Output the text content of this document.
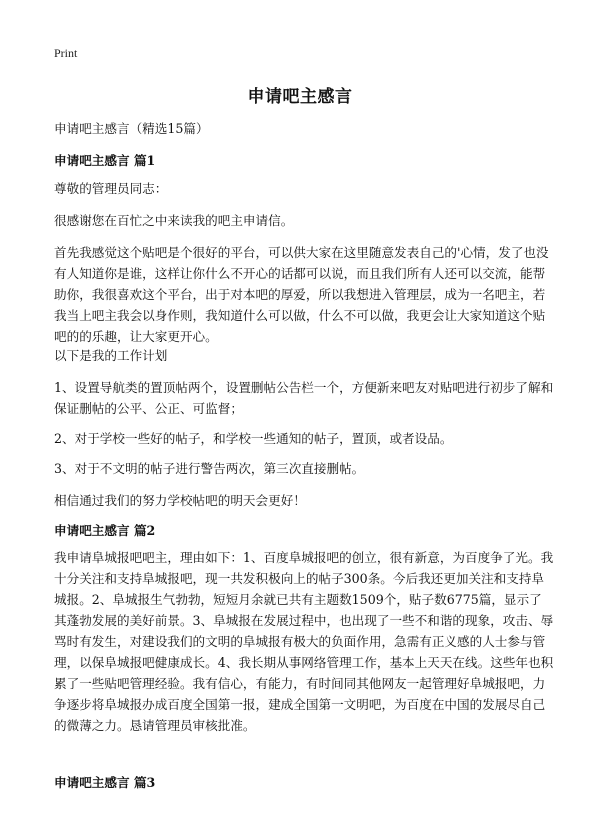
Print
申请吧主感言
申请吧主感言（精选15篇）
申请吧主感言 篇1

尊敬的管理员同志：

很感谢您在百忙之中来读我的吧主申请信。

首先我感觉这个贴吧是个很好的平台，可以供大家在这里随意发表自己的'心情，发了也没有人知道你是谁，这样让你什么不开心的话都可以说，而且我们所有人还可以交流，能帮助你，我很喜欢这个平台，出于对本吧的厚爱，所以我想进入管理层，成为一名吧主，若我当上吧主我会以身作则，我知道什么可以做，什么不可以做，我更会让大家知道这个贴吧的的乐趣，让大家更开心。

以下是我的工作计划

1、设置导航类的置顶帖两个，设置删帖公告栏一个，方便新来吧友对贴吧进行初步了解和保证删帖的公平、公正、可监督；

2、对于学校一些好的帖子，和学校一些通知的帖子，置顶，或者设品。

3、对于不文明的帖子进行警告两次，第三次直接删帖。

相信通过我们的努力学校帖吧的明天会更好！

申请吧主感言 篇2

我申请阜城报吧吧主，理由如下：1、百度阜城报吧的创立，很有新意，为百度争了光。我十分关注和支持阜城报吧，现一共发积极向上的帖子300条。今后我还更加关注和支持阜城报。2、阜城报生气勃勃，短短月余就已共有主题数1509个，贴子数6775篇，显示了其蓬勃发展的美好前景。3、阜城报在发展过程中，也出现了一些不和谐的现象，攻击、辱骂时有发生，对建设我们的文明的阜城报有极大的负面作用，急需有正义感的人士参与管理，以保阜城报吧健康成长。4、我长期从事网络管理工作，基本上天天在线。这些年也积累了一些贴吧管理经验。我有信心，有能力，有时间同其他网友一起管理好阜城报吧，力争逐步将阜城报办成百度全国第一报，建成全国第一文明吧，为百度在中国的发展尽自己的微薄之力。恳请管理员审核批准。

申请吧主感言 篇3
